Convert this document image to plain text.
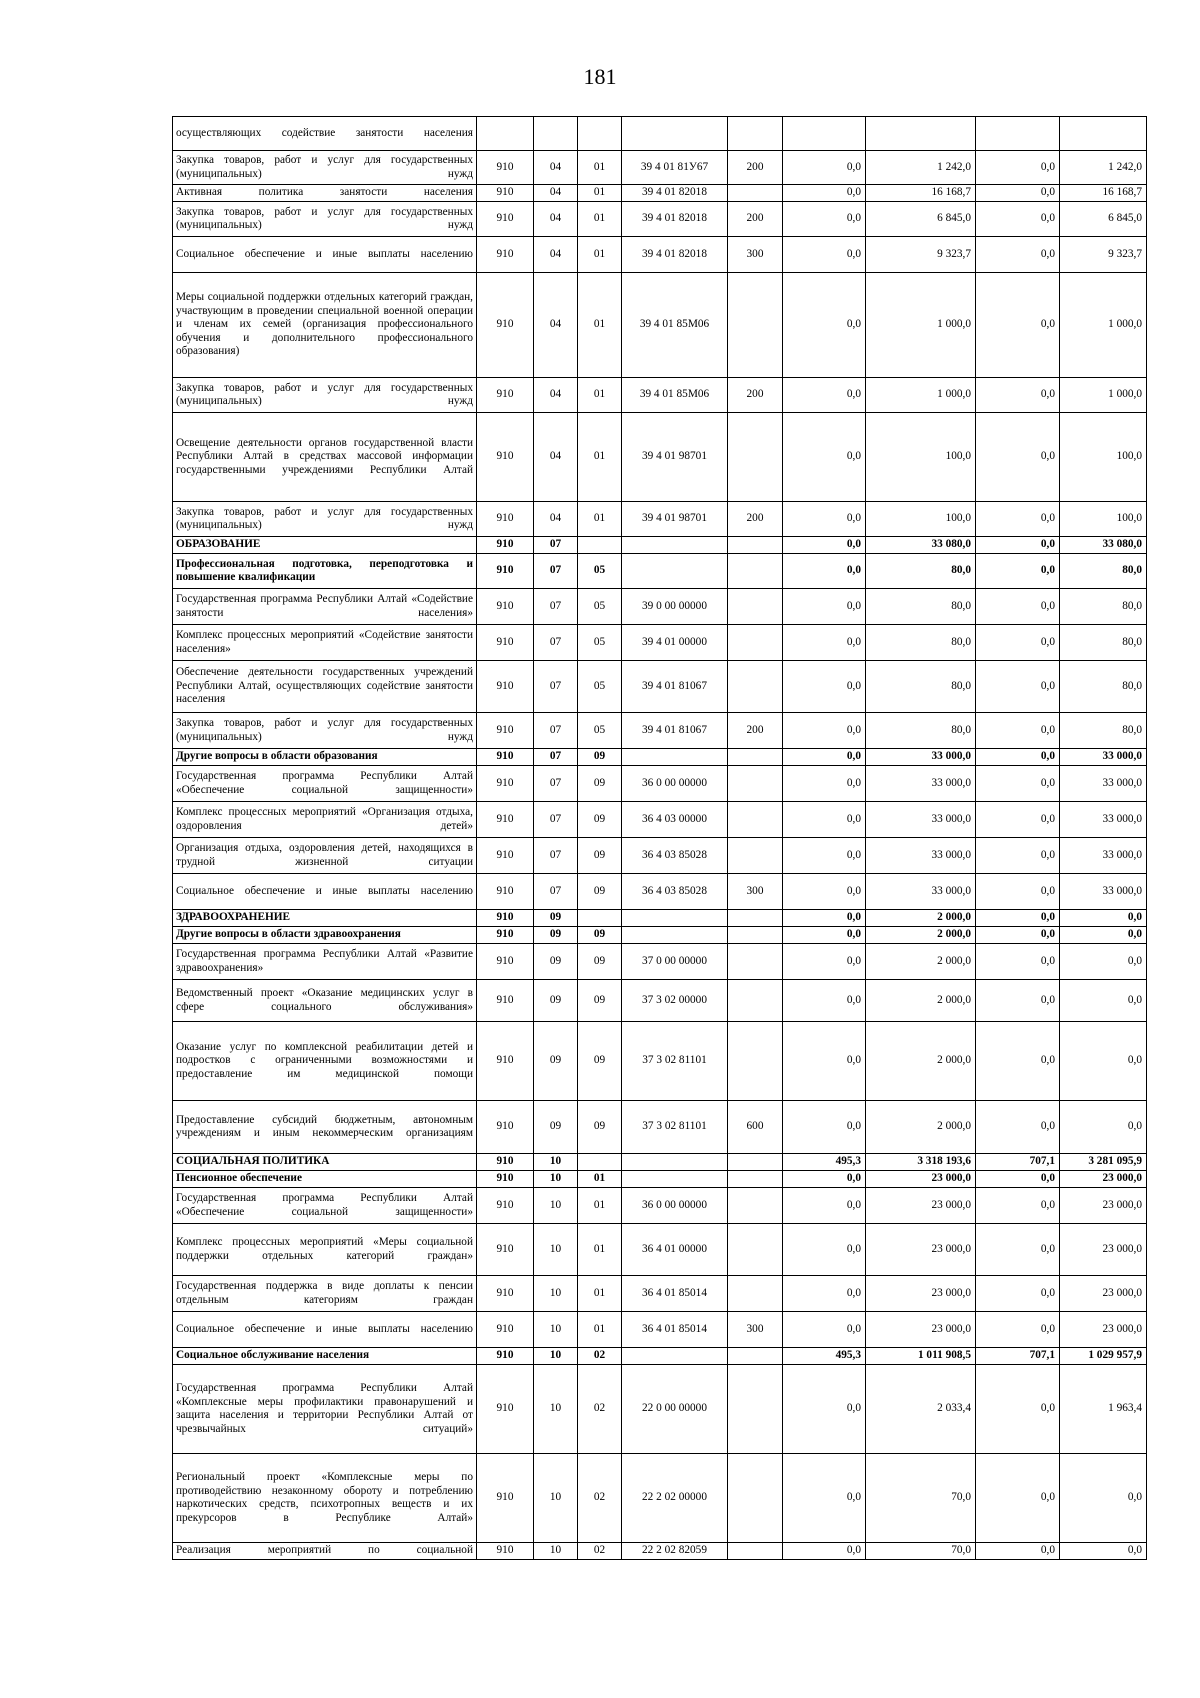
181
осуществляющих содействие занятости населения									
Закупка товаров, работ и услуг для государственных (муниципальных) нужд	910	04	01	39 4 01 81У67	200	0,0	1 242,0	0,0	1 242,0
Активная политика занятости населения	910	04	01	39 4 01 82018		0,0	16 168,7	0,0	16 168,7
Закупка товаров, работ и услуг для государственных (муниципальных) нужд	910	04	01	39 4 01 82018	200	0,0	6 845,0	0,0	6 845,0
Социальное обеспечение и иные выплаты населению	910	04	01	39 4 01 82018	300	0,0	9 323,7	0,0	9 323,7
Меры социальной поддержки отдельных категорий граждан, участвующим в проведении специальной военной операции и членам их семей (организация профессионального обучения и дополнительного профессионального образования)	910	04	01	39 4 01 85М06		0,0	1 000,0	0,0	1 000,0
Закупка товаров, работ и услуг для государственных (муниципальных) нужд	910	04	01	39 4 01 85М06	200	0,0	1 000,0	0,0	1 000,0
Освещение деятельности органов государственной власти Республики Алтай в средствах массовой информации государственными учреждениями Республики Алтай	910	04	01	39 4 01 98701		0,0	100,0	0,0	100,0
Закупка товаров, работ и услуг для государственных (муниципальных) нужд	910	04	01	39 4 01 98701	200	0,0	100,0	0,0	100,0
ОБРАЗОВАНИЕ	910	07				0,0	33 080,0	0,0	33 080,0
Профессиональная подготовка, переподготовка и повышение квалификации	910	07	05			0,0	80,0	0,0	80,0
Государственная программа Республики Алтай «Содействие занятости населения»	910	07	05	39 0 00 00000		0,0	80,0	0,0	80,0
Комплекс процессных мероприятий «Содействие занятости населения»	910	07	05	39 4 01 00000		0,0	80,0	0,0	80,0
Обеспечение деятельности государственных учреждений Республики Алтай, осуществляющих содействие занятости населения	910	07	05	39 4 01 81067		0,0	80,0	0,0	80,0
Закупка товаров, работ и услуг для государственных (муниципальных) нужд	910	07	05	39 4 01 81067	200	0,0	80,0	0,0	80,0
Другие вопросы в области образования	910	07	09			0,0	33 000,0	0,0	33 000,0
Государственная программа Республики Алтай «Обеспечение социальной защищенности»	910	07	09	36 0 00 00000		0,0	33 000,0	0,0	33 000,0
Комплекс процессных мероприятий «Организация отдыха, оздоровления детей»	910	07	09	36 4 03 00000		0,0	33 000,0	0,0	33 000,0
Организация отдыха, оздоровления детей, находящихся в трудной жизненной ситуации	910	07	09	36 4 03 85028		0,0	33 000,0	0,0	33 000,0
Социальное обеспечение и иные выплаты населению	910	07	09	36 4 03 85028	300	0,0	33 000,0	0,0	33 000,0
ЗДРАВООХРАНЕНИЕ	910	09				0,0	2 000,0	0,0	0,0
Другие вопросы в области здравоохранения	910	09	09			0,0	2 000,0	0,0	0,0
Государственная программа Республики Алтай «Развитие здравоохранения»	910	09	09	37 0 00 00000		0,0	2 000,0	0,0	0,0
Ведомственный проект «Оказание медицинских услуг в сфере социального обслуживания»	910	09	09	37 3 02 00000		0,0	2 000,0	0,0	0,0
Оказание услуг по комплексной реабилитации детей и подростков с ограниченными возможностями и предоставление им медицинской помощи	910	09	09	37 3 02 81101		0,0	2 000,0	0,0	0,0
Предоставление субсидий бюджетным, автономным учреждениям и иным некоммерческим организациям	910	09	09	37 3 02 81101	600	0,0	2 000,0	0,0	0,0
СОЦИАЛЬНАЯ ПОЛИТИКА	910	10				495,3	3 318 193,6	707,1	3 281 095,9
Пенсионное обеспечение	910	10	01			0,0	23 000,0	0,0	23 000,0
Государственная программа Республики Алтай «Обеспечение социальной защищенности»	910	10	01	36 0 00 00000		0,0	23 000,0	0,0	23 000,0
Комплекс процессных мероприятий «Меры социальной поддержки отдельных категорий граждан»	910	10	01	36 4 01 00000		0,0	23 000,0	0,0	23 000,0
Государственная поддержка в виде доплаты к пенсии отдельным категориям граждан	910	10	01	36 4 01 85014		0,0	23 000,0	0,0	23 000,0
Социальное обеспечение и иные выплаты населению	910	10	01	36 4 01 85014	300	0,0	23 000,0	0,0	23 000,0
Социальное обслуживание населения	910	10	02			495,3	1 011 908,5	707,1	1 029 957,9
Государственная программа Республики Алтай «Комплексные меры профилактики правонарушений и защита населения и территории Республики Алтай от чрезвычайных ситуаций»	910	10	02	22 0 00 00000		0,0	2 033,4	0,0	1 963,4
Региональный проект «Комплексные меры по противодействию незаконному обороту и потреблению наркотических средств, психотропных веществ и их прекурсоров в Республике Алтай»	910	10	02	22 2 02 00000		0,0	70,0	0,0	0,0
Реализация мероприятий по социальной	910	10	02	22 2 02 82059		0,0	70,0	0,0	0,0
